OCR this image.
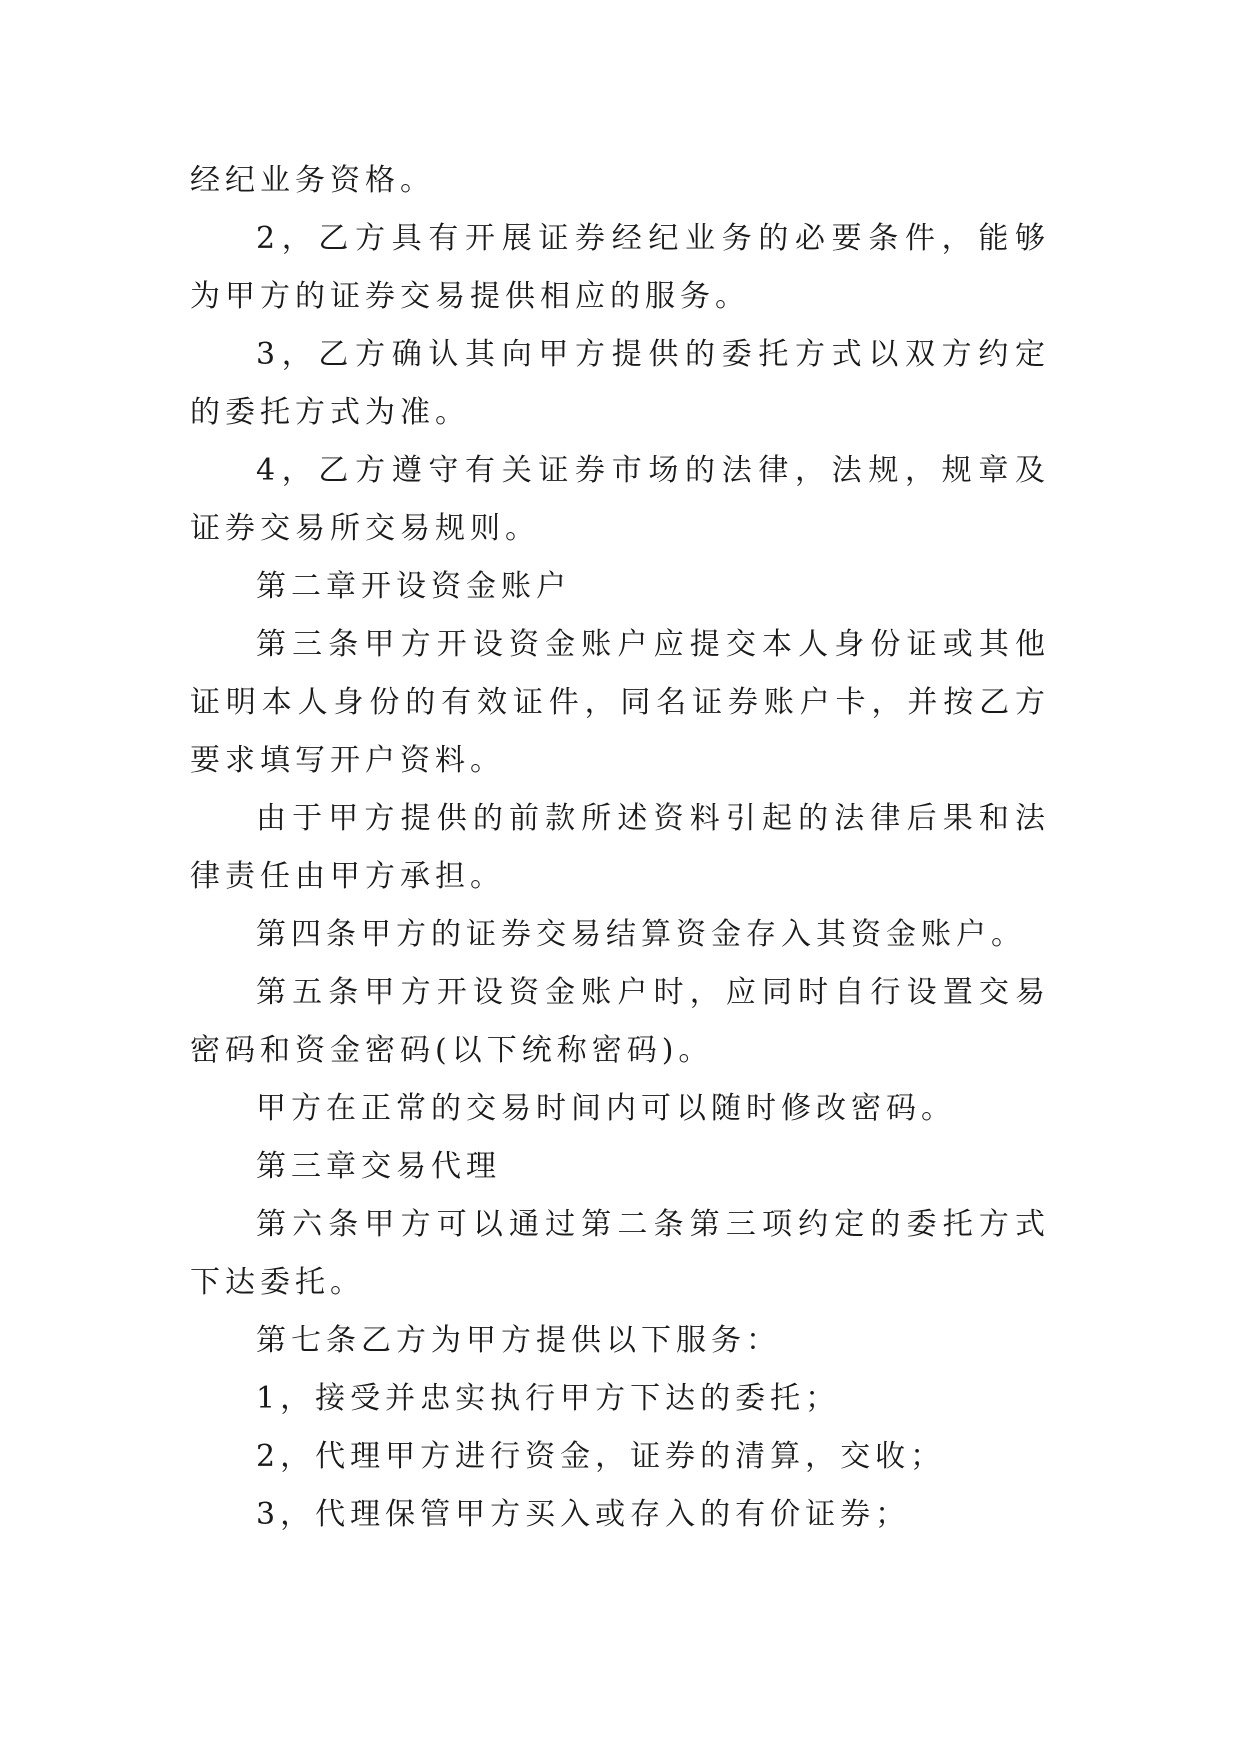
经纪业务资格。

2，乙方具有开展证券经纪业务的必要条件，能够为甲方的证券交易提供相应的服务。

3，乙方确认其向甲方提供的委托方式以双方约定的委托方式为准。

4，乙方遵守有关证券市场的法律，法规，规章及证券交易所交易规则。

第二章开设资金账户

第三条甲方开设资金账户应提交本人身份证或其他证明本人身份的有效证件，同名证券账户卡，并按乙方要求填写开户资料。

由于甲方提供的前款所述资料引起的法律后果和法律责任由甲方承担。

第四条甲方的证券交易结算资金存入其资金账户。

第五条甲方开设资金账户时，应同时自行设置交易密码和资金密码(以下统称密码)。

甲方在正常的交易时间内可以随时修改密码。

第三章交易代理

第六条甲方可以通过第二条第三项约定的委托方式下达委托。

第七条乙方为甲方提供以下服务：

1，接受并忠实执行甲方下达的委托；

2，代理甲方进行资金，证券的清算，交收；

3，代理保管甲方买入或存入的有价证券；
